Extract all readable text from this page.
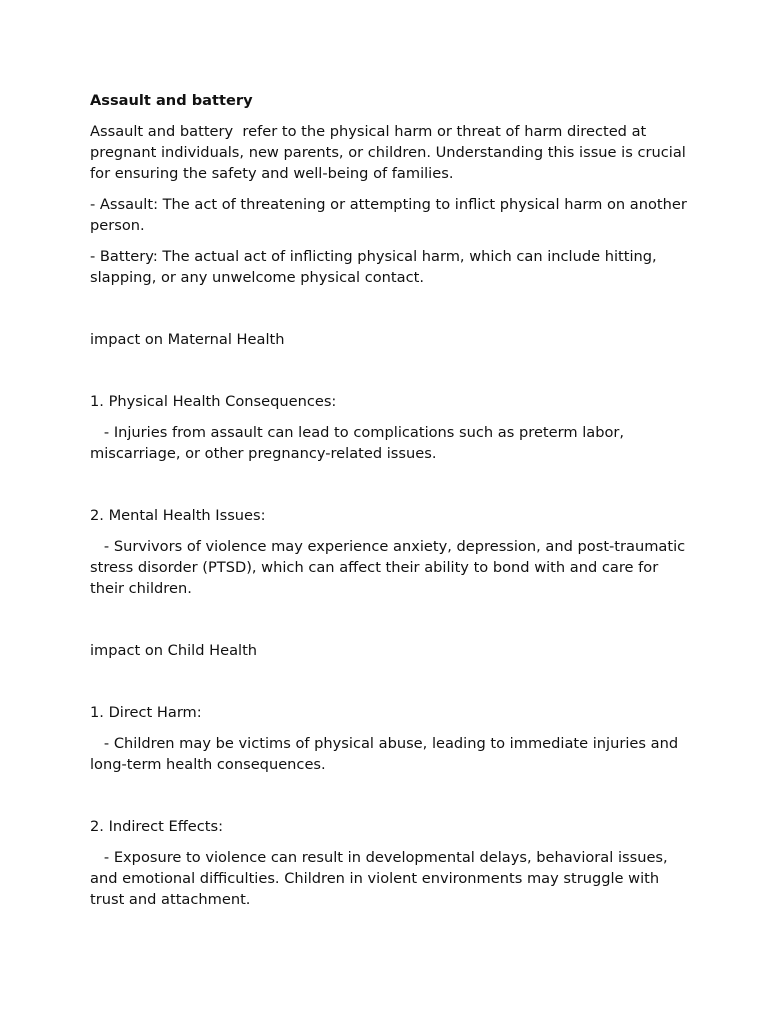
Assault and battery

Assault and battery  refer to the physical harm or threat of harm directed at pregnant individuals, new parents, or children. Understanding this issue is crucial for ensuring the safety and well-being of families.

- Assault: The act of threatening or attempting to inflict physical harm on another person.

- Battery: The actual act of inflicting physical harm, which can include hitting, slapping, or any unwelcome physical contact.

impact on Maternal Health

1. Physical Health Consequences:

- Injuries from assault can lead to complications such as preterm labor, miscarriage, or other pregnancy-related issues.

2. Mental Health Issues:

- Survivors of violence may experience anxiety, depression, and post-traumatic stress disorder (PTSD), which can affect their ability to bond with and care for their children.

impact on Child Health

1. Direct Harm:

- Children may be victims of physical abuse, leading to immediate injuries and long-term health consequences.

2. Indirect Effects:

- Exposure to violence can result in developmental delays, behavioral issues, and emotional difficulties. Children in violent environments may struggle with trust and attachment.
